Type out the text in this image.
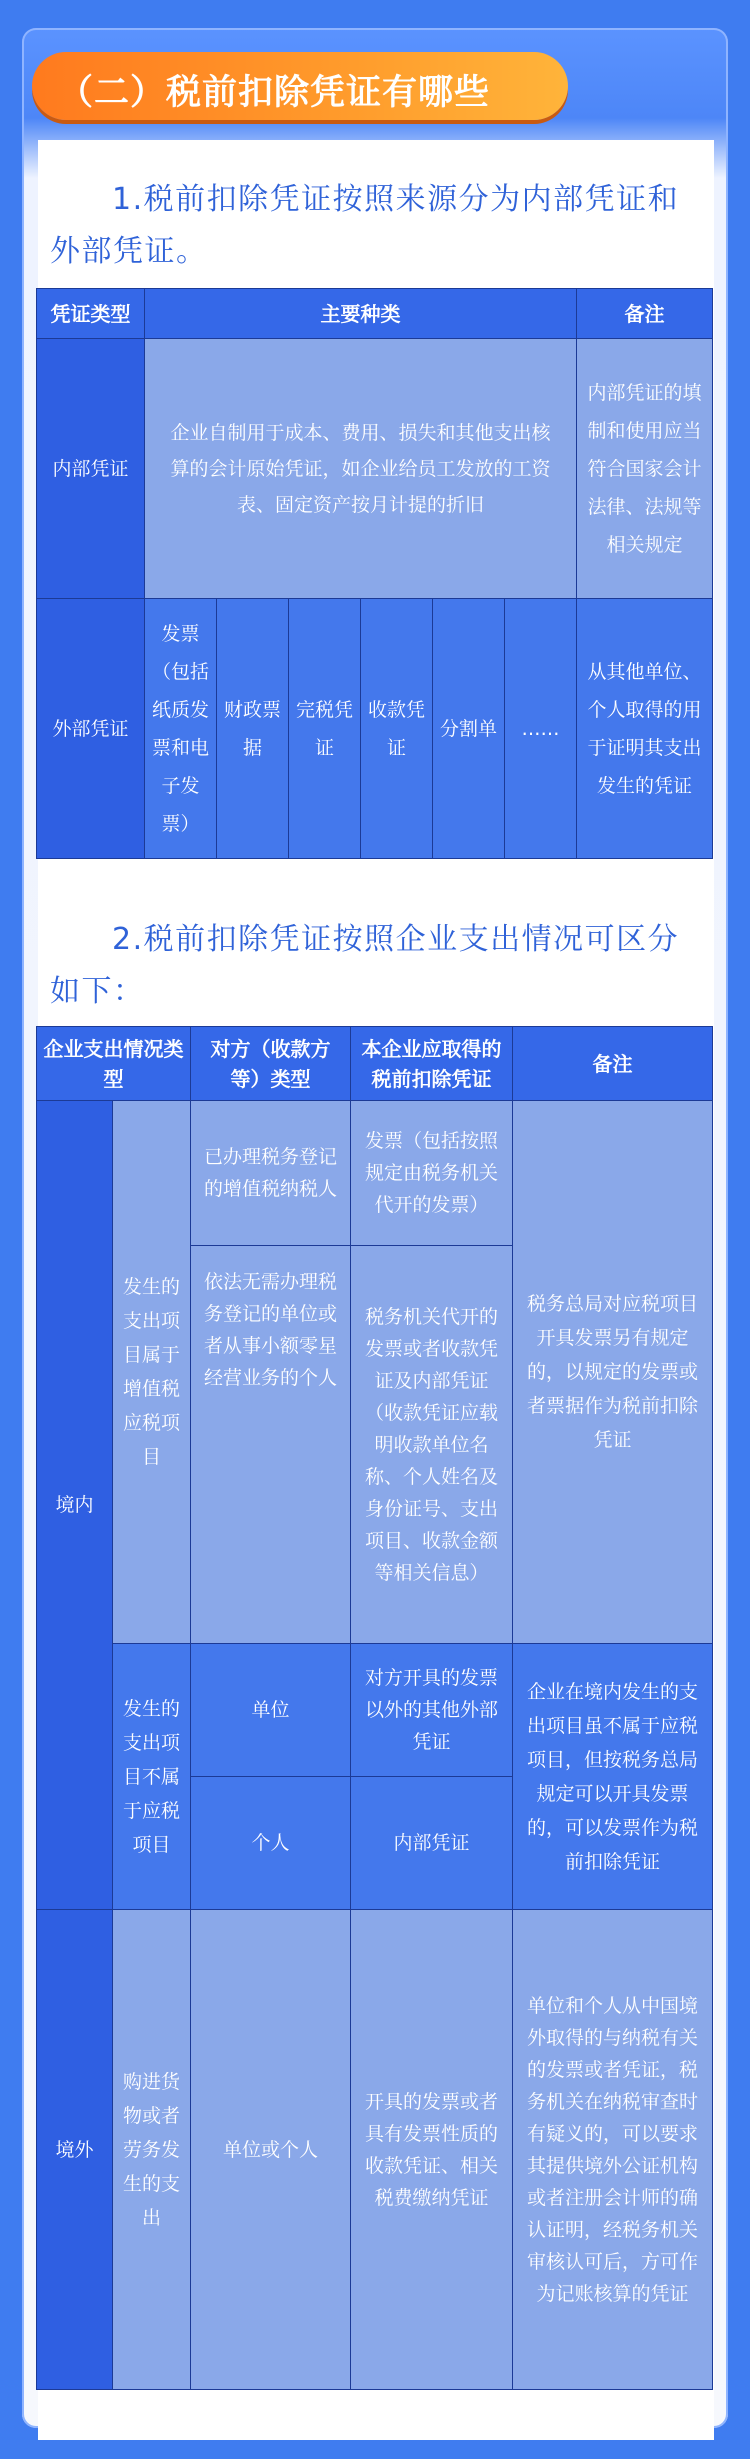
（二）税前扣除凭证有哪些
1.税前扣除凭证按照来源分为内部凭证和外部凭证。
凭证类型	主要种类						备注
内部凭证	企业自制用于成本、费用、损失和其他支出核算的会计原始凭证，如企业给员工发放的工资表、固定资产按月计提的折旧						内部凭证的填制和使用应当符合国家会计法律、法规等相关规定
外部凭证	发票（包括纸质发票和电子发票）	财政票据	完税凭证	收款凭证	分割单	……	从其他单位、个人取得的用于证明其支出发生的凭证
2.税前扣除凭证按照企业支出情况可区分如下：
企业支出情况类型		对方（收款方等）类型	本企业应取得的税前扣除凭证	备注
境内	发生的支出项目属于增值税应税项目	已办理税务登记的增值税纳税人	发票（包括按照规定由税务机关代开的发票）	税务总局对应税项目开具发票另有规定的，以规定的发票或者票据作为税前扣除凭证
		依法无需办理税务登记的单位或者从事小额零星经营业务的个人	税务机关代开的发票或者收款凭证及内部凭证
（收款凭证应载明收款单位名称、个人姓名及身份证号、支出项目、收款金额等相关信息）	

	发生的支出项目不属于应税项目	单位	对方开具的发票以外的其他外部凭证	企业在境内发生的支出项目虽不属于应税项目，但按税务总局规定可以开具发票的，可以发票作为税前扣除凭证
		个人	内部凭证	
境外	购进货物或者劳务发生的支出	单位或个人	开具的发票或者具有发票性质的收款凭证、相关税费缴纳凭证	单位和个人从中国境外取得的与纳税有关的发票或者凭证，税务机关在纳税审查时有疑义的，可以要求其提供境外公证机构或者注册会计师的确认证明，经税务机关审核认可后，方可作为记账核算的凭证
